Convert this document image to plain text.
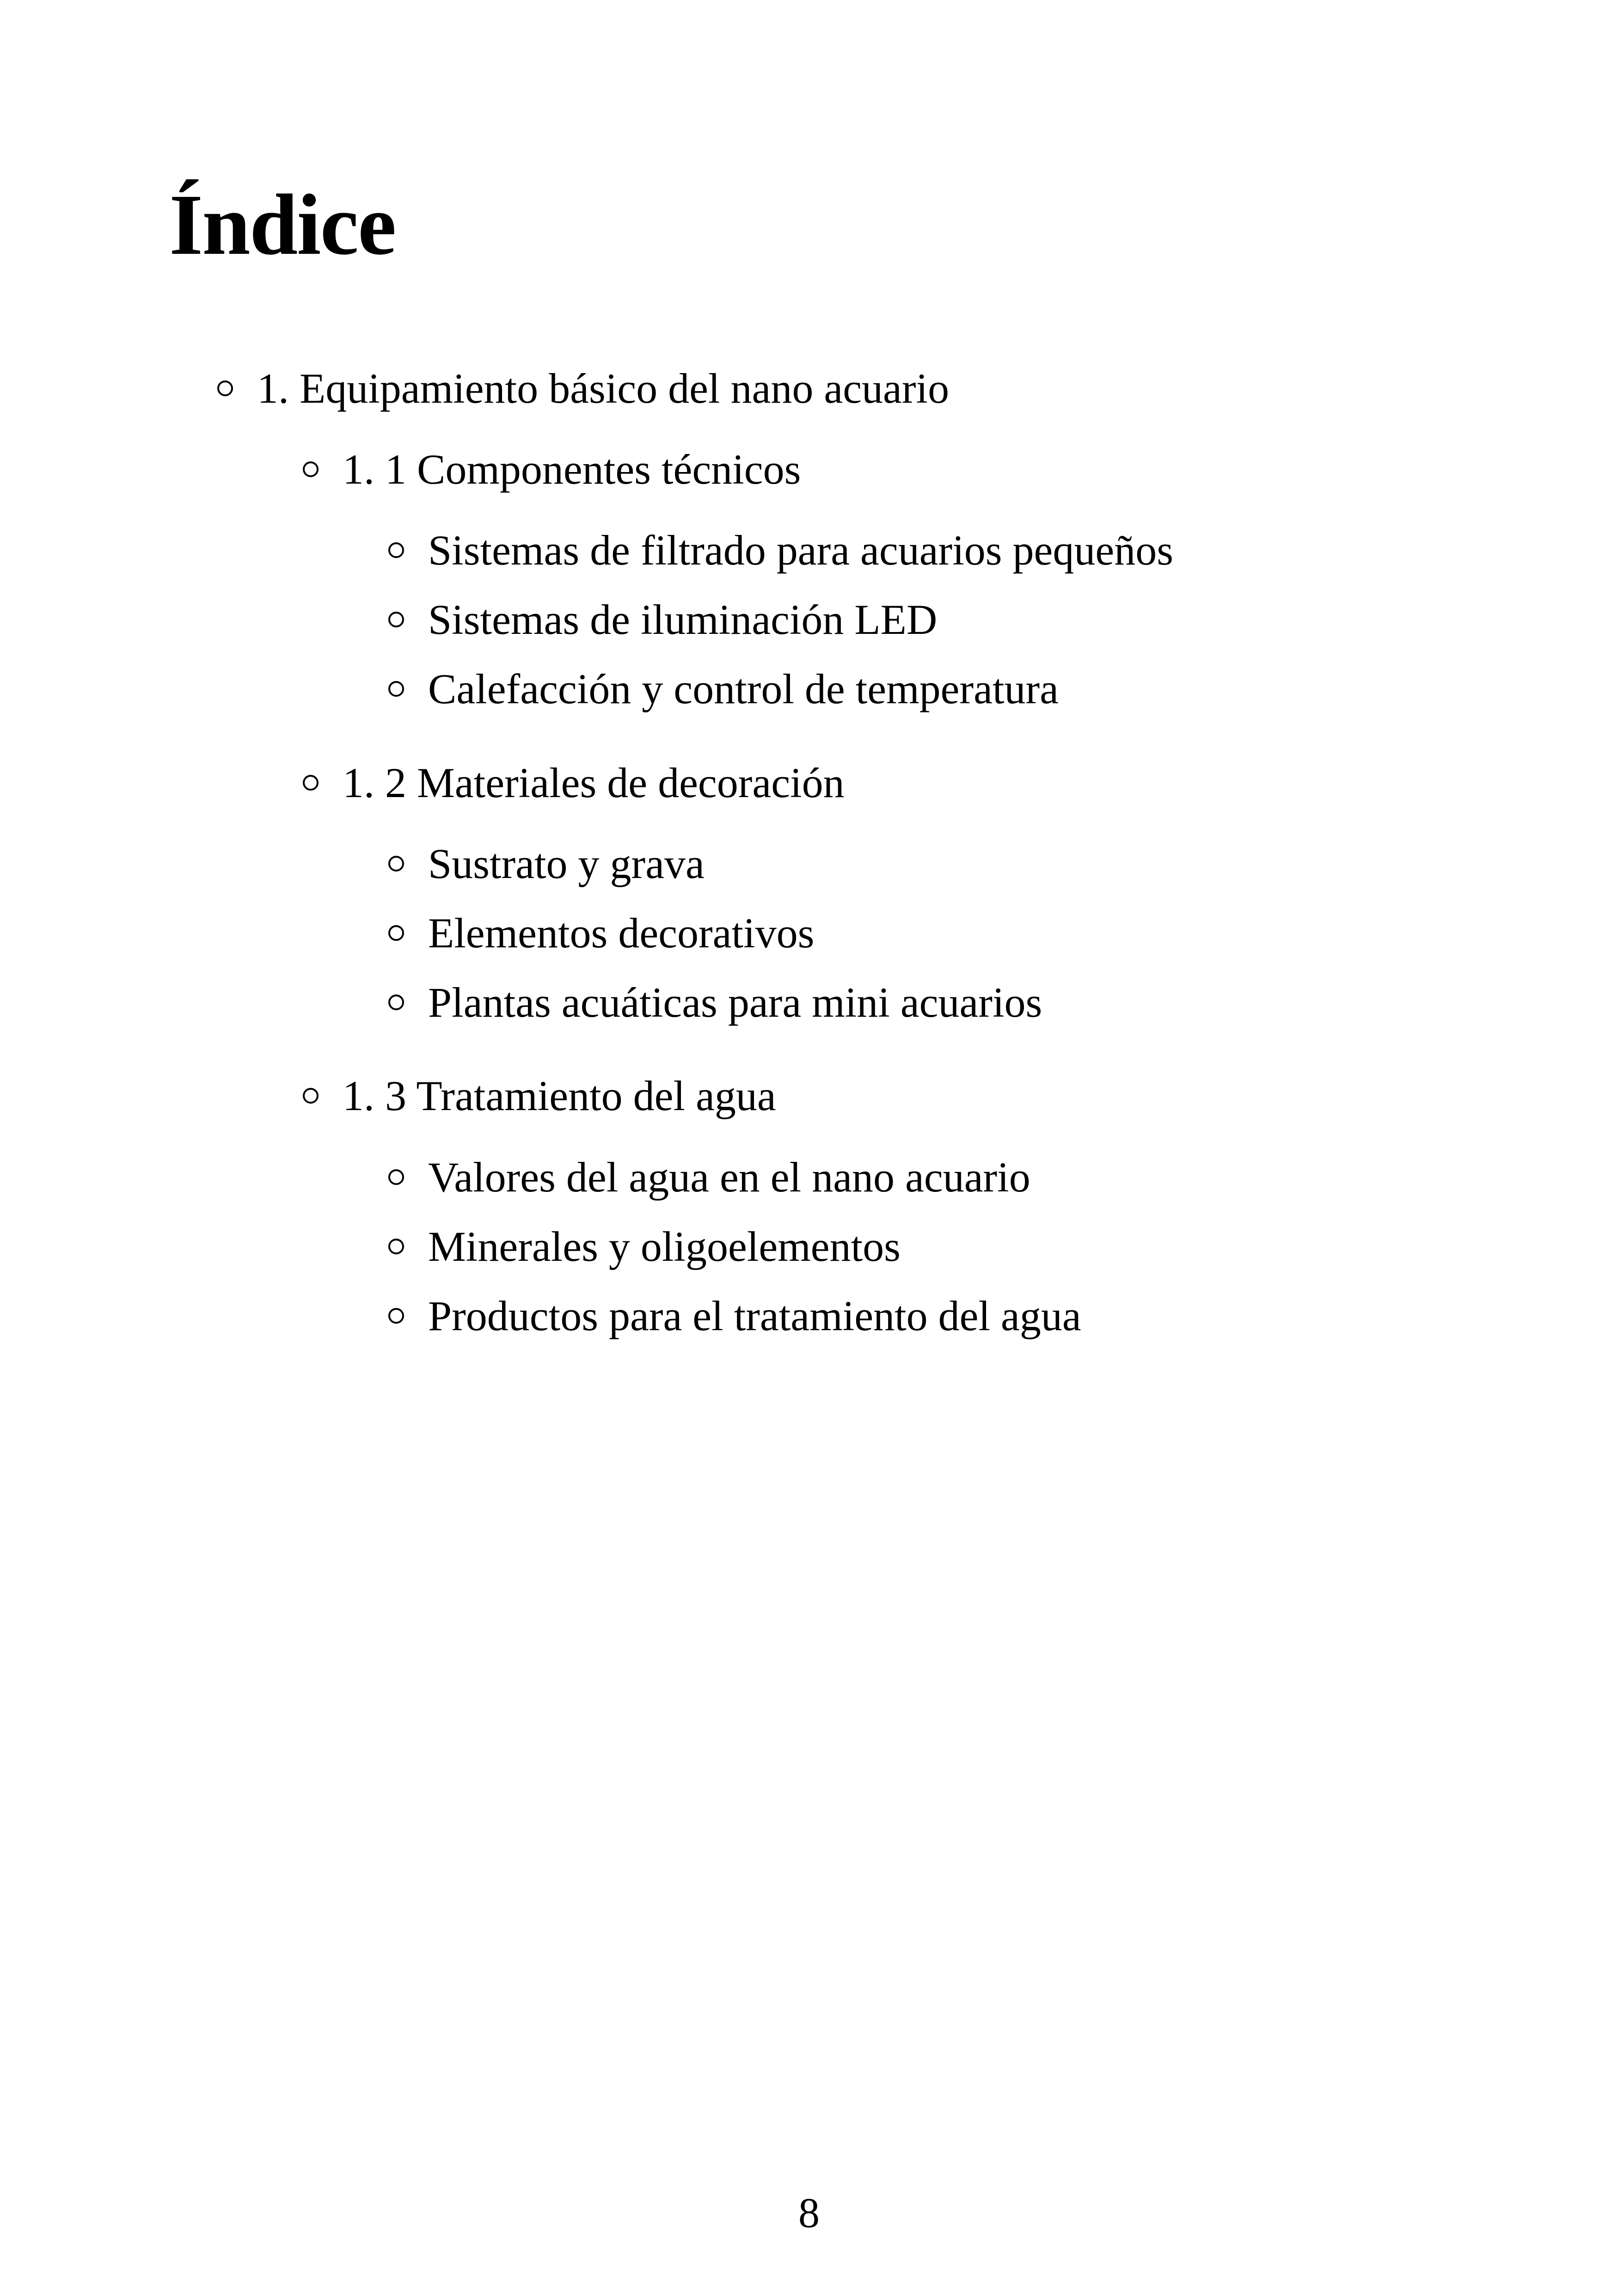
Índice
1. Equipamiento básico del nano acuario
1. 1 Componentes técnicos
Sistemas de filtrado para acuarios pequeños
Sistemas de iluminación LED
Calefacción y control de temperatura
1. 2 Materiales de decoración
Sustrato y grava
Elementos decorativos
Plantas acuáticas para mini acuarios
1. 3 Tratamiento del agua
Valores del agua en el nano acuario
Minerales y oligoelementos
Productos para el tratamiento del agua
8
